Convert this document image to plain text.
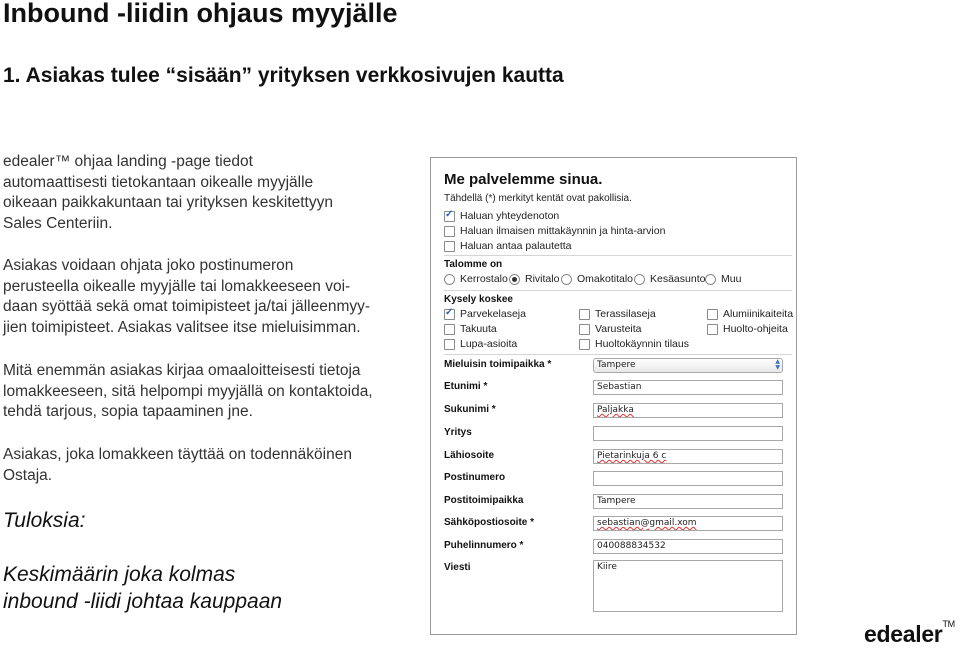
Inbound -liidin ohjaus myyjälle
1. Asiakas tulee “sisään” yrityksen verkkosivujen kautta
edealer™ ohjaa landing -page tiedot
automaattisesti tietokantaan oikealle myyjälle
oikeaan paikkakuntaan tai yrityksen keskitettyyn
Sales Centeriin.
Asiakas voidaan ohjata joko postinumeron
perusteella oikealle myyjälle tai lomakkeeseen voi-
daan syöttää sekä omat toimipisteet ja/tai jälleenmyy-
jien toimipisteet. Asiakas valitsee itse mieluisimman.
Mitä enemmän asiakas kirjaa omaaloitteisesti tietoja
lomakkeeseen, sitä helpompi myyjällä on kontaktoida,
tehdä tarjous, sopia tapaaminen jne.
Asiakas, joka lomakkeen täyttää on todennäköinen
Ostaja.
Tuloksia:
Keskimäärin joka kolmas
inbound -liidi johtaa kauppaan
Me palvelemme sinua.
Tähdellä (*) merkityt kentät ovat pakollisia.
✓Haluan yhteydenoton
Haluan ilmaisen mittakäynnin ja hinta-arvion
Haluan antaa palautetta
Talomme on
Kerrostalo	Rivitalo	Omakotitalo	Kesäasunto	Muu
Kysely koskee
✓Parvekelaseja	Terassilaseja	Alumiinikaiteita
Takuuta	Varusteita	Huolto-ohjeita
Lupa-asioita	Huoltokäynnin tilaus
Mieluisin toimipaikka *	Tampere	▲
▼
Etunimi *	Sebastian
Sukunimi *	Paljakka
Yritys
Lähiosoite	Pietarinkuja 6 c
Postinumero
Postitoimipaikka	Tampere
Sähköpostiosoite *	sebastian@gmail.xom
Puhelinnumero *	040088834532
Viesti	Kiire
edealer™
